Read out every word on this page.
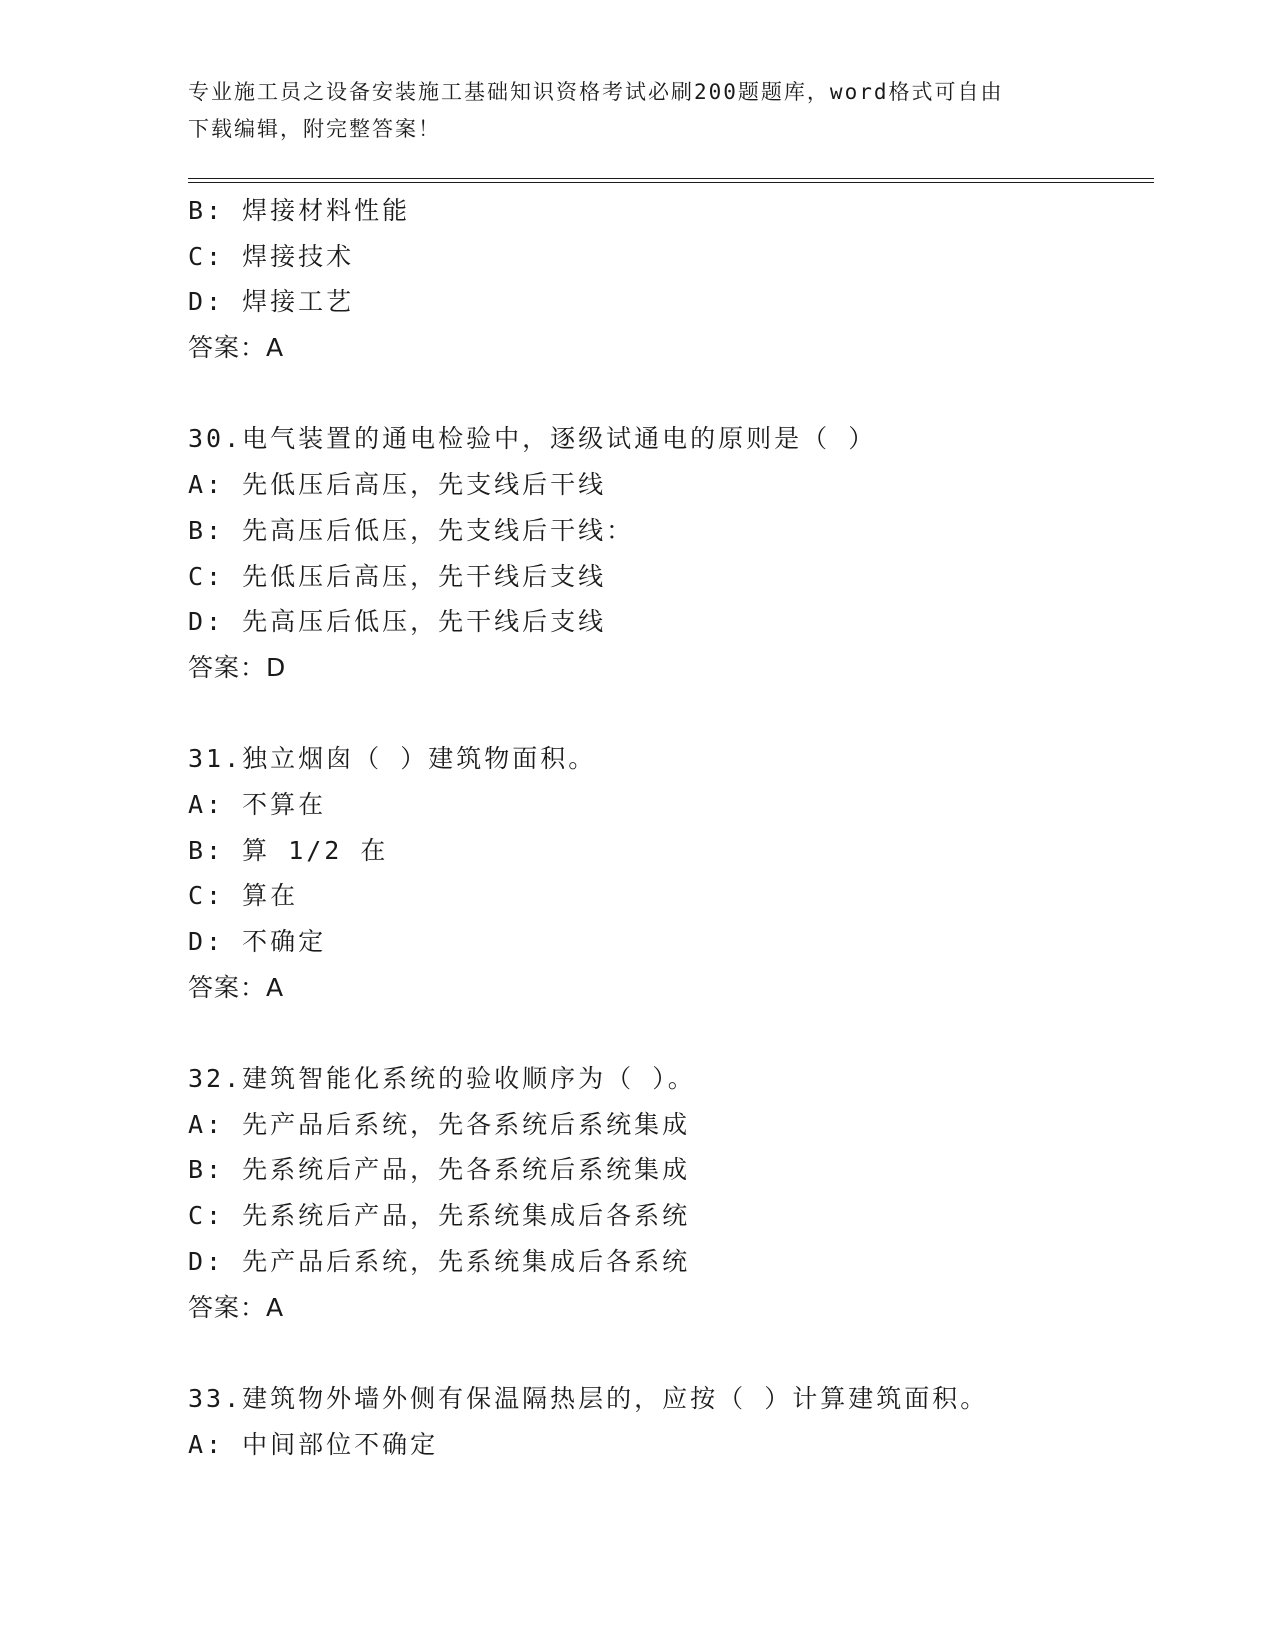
专业施工员之设备安装施工基础知识资格考试必刷200题题库，word格式可自由
下载编辑，附完整答案！
B: 焊接材料性能
C: 焊接技术
D: 焊接工艺
答案：A
30.电气装置的通电检验中，逐级试通电的原则是（ ）
A: 先低压后高压，先支线后干线
B: 先高压后低压，先支线后干线：
C: 先低压后高压，先干线后支线
D: 先高压后低压，先干线后支线
答案：D
31.独立烟囱（ ）建筑物面积。
A: 不算在
B: 算 1/2 在
C: 算在
D: 不确定
答案：A
32.建筑智能化系统的验收顺序为（ ）。
A: 先产品后系统，先各系统后系统集成
B: 先系统后产品，先各系统后系统集成
C: 先系统后产品，先系统集成后各系统
D: 先产品后系统，先系统集成后各系统
答案：A
33.建筑物外墙外侧有保温隔热层的，应按（ ）计算建筑面积。
A: 中间部位不确定
